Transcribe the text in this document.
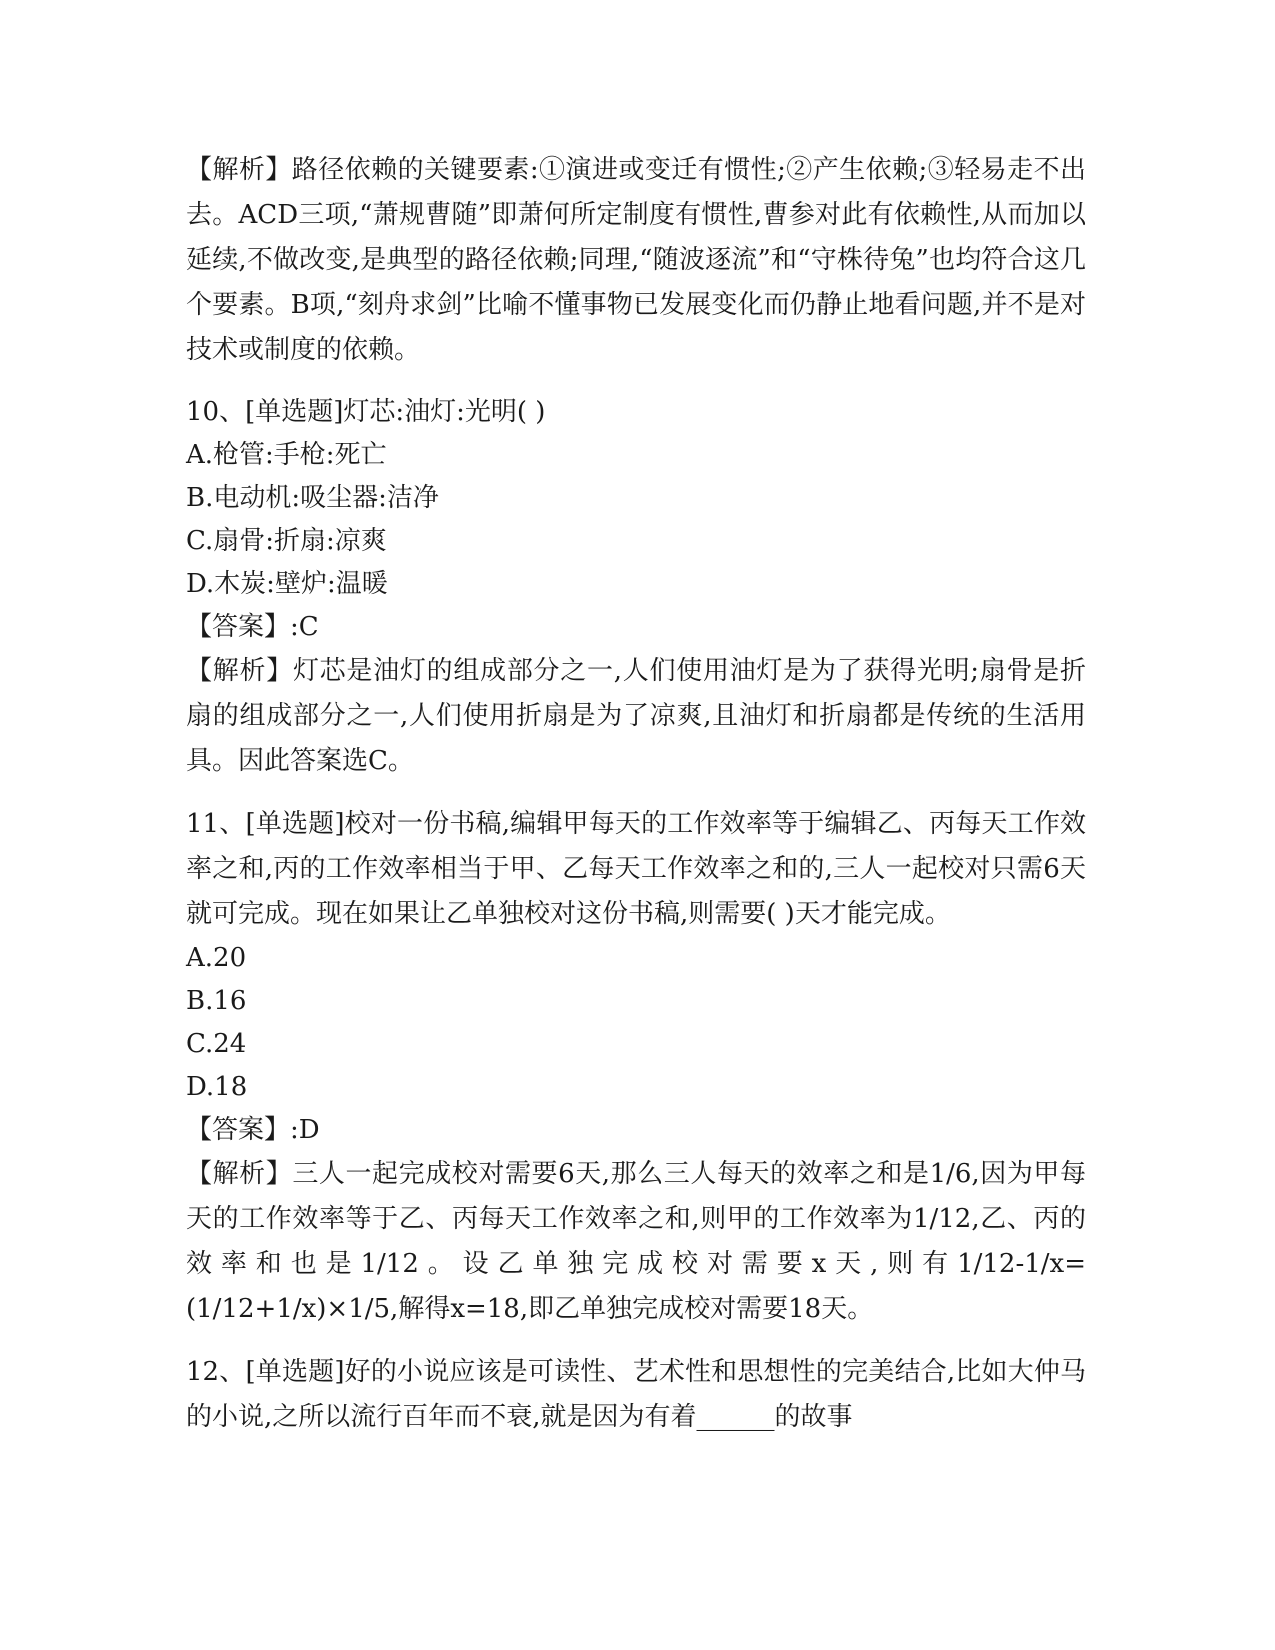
【解析】路径依赖的关键要素:①演进或变迁有惯性;②产生依赖;③轻易走不出去。ACD三项,“萧规曹随”即萧何所定制度有惯性,曹参对此有依赖性,从而加以延续,不做改变,是典型的路径依赖;同理,“随波逐流”和“守株待兔”也均符合这几个要素。B项,“刻舟求剑”比喻不懂事物已发展变化而仍静止地看问题,并不是对技术或制度的依赖。

10、[单选题]灯芯:油灯:光明( )

A.枪管:手枪:死亡

B.电动机:吸尘器:洁净

C.扇骨:折扇:凉爽

D.木炭:壁炉:温暖

【答案】:C

【解析】灯芯是油灯的组成部分之一,人们使用油灯是为了获得光明;扇骨是折扇的组成部分之一,人们使用折扇是为了凉爽,且油灯和折扇都是传统的生活用具。因此答案选C。

11、[单选题]校对一份书稿,编辑甲每天的工作效率等于编辑乙、丙每天工作效率之和,丙的工作效率相当于甲、乙每天工作效率之和的,三人一起校对只需6天就可完成。现在如果让乙单独校对这份书稿,则需要( )天才能完成。

A.20

B.16

C.24

D.18

【答案】:D

【解析】三人一起完成校对需要6天,那么三人每天的效率之和是1/6,因为甲每天的工作效率等于乙、丙每天工作效率之和,则甲的工作效率为1/12,乙、丙的效率和也是1/12。设乙单独完成校对需要x天,则有1/12-1/x=(1/12+1/x)×1/5,解得x=18,即乙单独完成校对需要18天。

12、[单选题]好的小说应该是可读性、艺术性和思想性的完美结合,比如大仲马的小说,之所以流行百年而不衰,就是因为有着______的故事
